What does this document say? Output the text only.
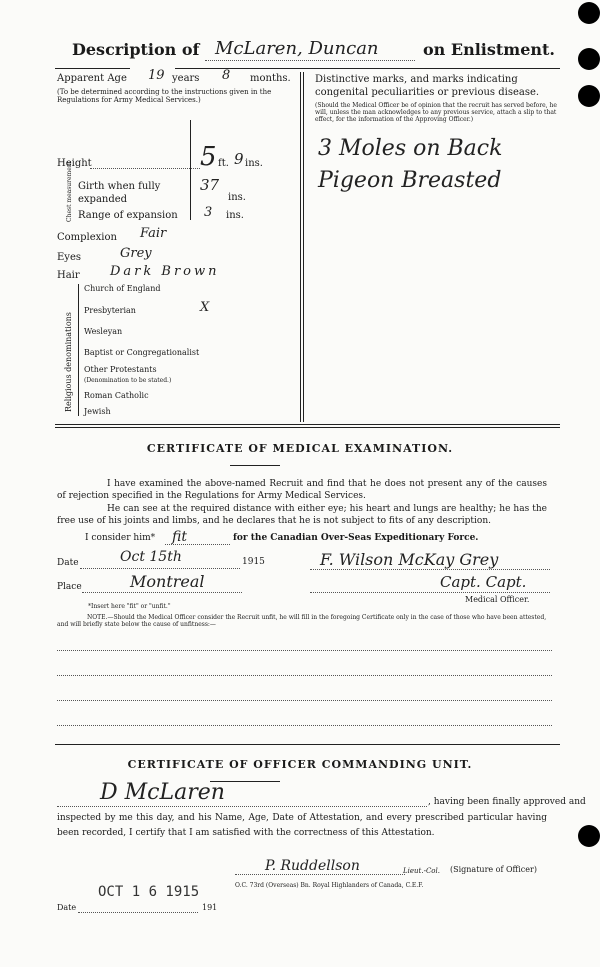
Description of McLaren, Duncan	on Enlistment.
Apparent Age 19 years 8 months.
(To be determined according to the instructions given in the Regulations for Army Medical Services.)
Height	5 ft. 9 ins.
Chest measurement Girth when fully expanded
37
ins.
Range of expansion 3 ins.
Complexion Fair
Eyes	Grey
Hair Dark Brown
Religious denominations
Church of England
Presbyterian	X
Wesleyan
Baptist or Congregationalist
Other Protestants
(Denomination to be stated.)
Roman Catholic
Jewish
Distinctive marks, and marks indicating congenital peculiarities or previous disease.
(Should the Medical Officer be of opinion that the recruit has served before, he will, unless the man acknowledges to any previous service, attach a slip to that effect, for the information of the Approving Officer.)
3 Moles on Back
Pigeon Breasted
CERTIFICATE OF MEDICAL EXAMINATION.
I have examined the above-named Recruit and find that he does not present any of the causes of rejection specified in the Regulations for Army Medical Services.
He can see at the required distance with either eye; his heart and lungs are healthy; he has the free use of his joints and limbs, and he declares that he is not subject to fits of any description.
I consider him* fit	for the Canadian Over-Seas Expeditionary Force.
Date	Oct 15th	1915
Place	Montreal
F. Wilson McKay Grey
Capt. Capt.
Medical Officer.
*Insert here "fit" or "unfit."
NOTE.—Should the Medical Officer consider the Recruit unfit, he will fill in the foregoing Certificate only in the case of those who have been attested, and will briefly state below the cause of unfitness:—
CERTIFICATE OF OFFICER COMMANDING UNIT.
D McLaren	, having been finally approved and
inspected by me this day, and his Name, Age, Date of Attestation, and every prescribed particular having been recorded, I certify that I am satisfied with the correctness of this Attestation.
P. Ruddellson	Lieut.-Col. (Signature of Officer)
O.C. 73rd (Overseas) Bn. Royal Highlanders of Canada, C.E.F.
Date
OCT 1 6 1915
191
